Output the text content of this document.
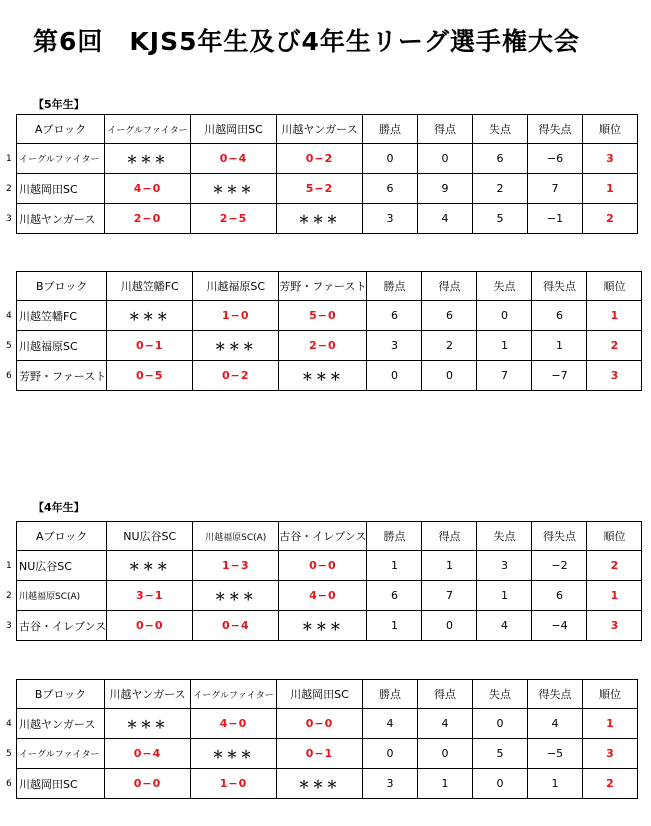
第6回　KJS5年生及び4年生リーグ選手権大会
【5年生】
【4年生】
Aブロック	イーグルファイター	川越岡田SC	川越ヤンガース	勝点	得点	失点	得失点	順位

1 イーグルファイター	＊＊＊	0−4	0−2	0	0	6	−6	3

2 川越岡田SC	4−0	＊＊＊	5−2	6	9	2	7	1

3 川越ヤンガース	2−0	2−5	＊＊＊	3	4	5	−1	2
Bブロック	川越笠幡FC	川越福原SC	芳野・ファースト	勝点	得点	失点	得失点	順位

4 川越笠幡FC	＊＊＊	1−0	5−0	6	6	0	6	1

5 川越福原SC	0−1	＊＊＊	2−0	3	2	1	1	2

6 芳野・ファースト	0−5	0−2	＊＊＊	0	0	7	−7	3
Aブロック	NU広谷SC	川越福原SC(A)	古谷・イレブンス	勝点	得点	失点	得失点	順位

1 NU広谷SC	＊＊＊	1−3	0−0	1	1	3	−2	2

2 川越福原SC(A)	3−1	＊＊＊	4−0	6	7	1	6	1

3 古谷・イレブンス	0−0	0−4	＊＊＊	1	0	4	−4	3
Bブロック	川越ヤンガース	イーグルファイター	川越岡田SC	勝点	得点	失点	得失点	順位

4 川越ヤンガース	＊＊＊	4−0	0−0	4	4	0	4	1

5 イーグルファイター	0−4	＊＊＊	0−1	0	0	5	−5	3

6 川越岡田SC	0−0	1−0	＊＊＊	3	1	0	1	2
